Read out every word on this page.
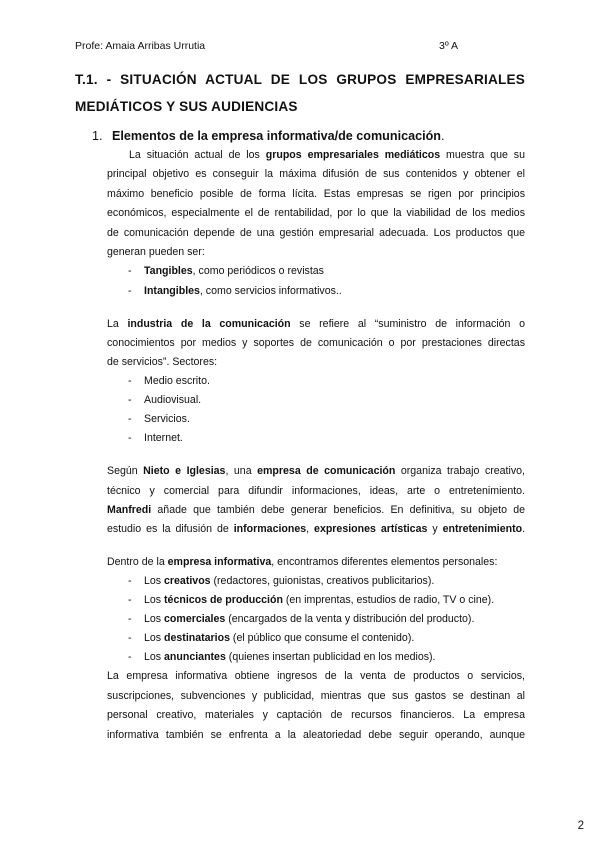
Profe: Amaia Arribas Urrutia	3º A
T.1. - SITUACIÓN ACTUAL DE LOS GRUPOS EMPRESARIALES
MEDIÁTICOS Y SUS AUDIENCIAS
1. Elementos de la empresa informativa/de comunicación.
La situación actual de los grupos empresariales mediáticos muestra que su
principal objetivo es conseguir la máxima difusión de sus contenidos y obtener el
máximo beneficio posible de forma lícita. Estas empresas se rigen por principios
económicos, especialmente el de rentabilidad, por lo que la viabilidad de los medios
de comunicación depende de una gestión empresarial adecuada. Los productos que
generan pueden ser:
- Tangibles, como periódicos o revistas
- Intangibles, como servicios informativos..
La industria de la comunicación se refiere al “suministro de información o
conocimientos por medios y soportes de comunicación o por prestaciones directas
de servicios”. Sectores:
- Medio escrito.
- Audiovisual.
- Servicios.
- Internet.
Según Nieto e Iglesias, una empresa de comunicación organiza trabajo creativo,
técnico y comercial para difundir informaciones, ideas, arte o entretenimiento.
Manfredi añade que también debe generar beneficios. En definitiva, su objeto de
estudio es la difusión de informaciones, expresiones artísticas y entretenimiento.
Dentro de la empresa informativa, encontramos diferentes elementos personales:
- Los creativos (redactores, guionistas, creativos publicitarios).
- Los técnicos de producción (en imprentas, estudios de radio, TV o cine).
- Los comerciales (encargados de la venta y distribución del producto).
- Los destinatarios (el público que consume el contenido).
- Los anunciantes (quienes insertan publicidad en los medios).
La empresa informativa obtiene ingresos de la venta de productos o servicios,
suscripciones, subvenciones y publicidad, mientras que sus gastos se destinan al
personal creativo, materiales y captación de recursos financieros. La empresa
informativa también se enfrenta a la aleatoriedad debe seguir operando, aunque
2
